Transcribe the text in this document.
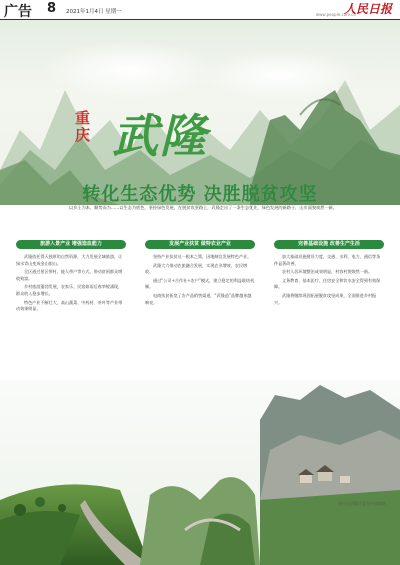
广告 8 2021年1月4日 星期一	www.people.com.cn
人民日报
重庆 武隆
转化生态优势 决胜脱贫攻坚
以乡土为本，顺势而为……以生态为底色，坚持绿色发展，在脱贫攻坚路上，武隆走出了一条生态优先、绿色发展的新路子，山乡面貌焕然一新。
旅游入景产业 增强造血能力

武隆依托得天独厚的自然资源，大力发展全域旅游，让绿水青山变成金山银山。

全区通过景区带村、能人带户等方式，带动贫困群众增收致富。

乡村旅游蓬勃发展，农家乐、民宿如雨后春笋般涌现，群众收入稳步增长。

特色产业不断壮大，高山蔬菜、中药材、茶叶等产业带动效果明显。

发展产业扶贫 做特农业产业

坚持产业扶贫这一根本之策，因地制宜发展特色产业。

武隆大力推动农旅融合发展，实现农业增效、农民增收。

通过“公司+合作社+农户”模式，建立稳定的利益联结机制。

电商扶贫拓宽了农产品销售渠道，“武隆造”品牌越来越响亮。

完善基础设施 改善生产生活

加大基础设施建设力度，交通、水利、电力、通信等条件显著改善。

农村人居环境整治成效明显，村容村貌焕然一新。

义务教育、基本医疗、住房安全和饮水安全得到有效保障。

武隆将继续巩固拓展脱贫攻坚成果，全面推进乡村振兴。

图片由武隆区委宣传部提供
